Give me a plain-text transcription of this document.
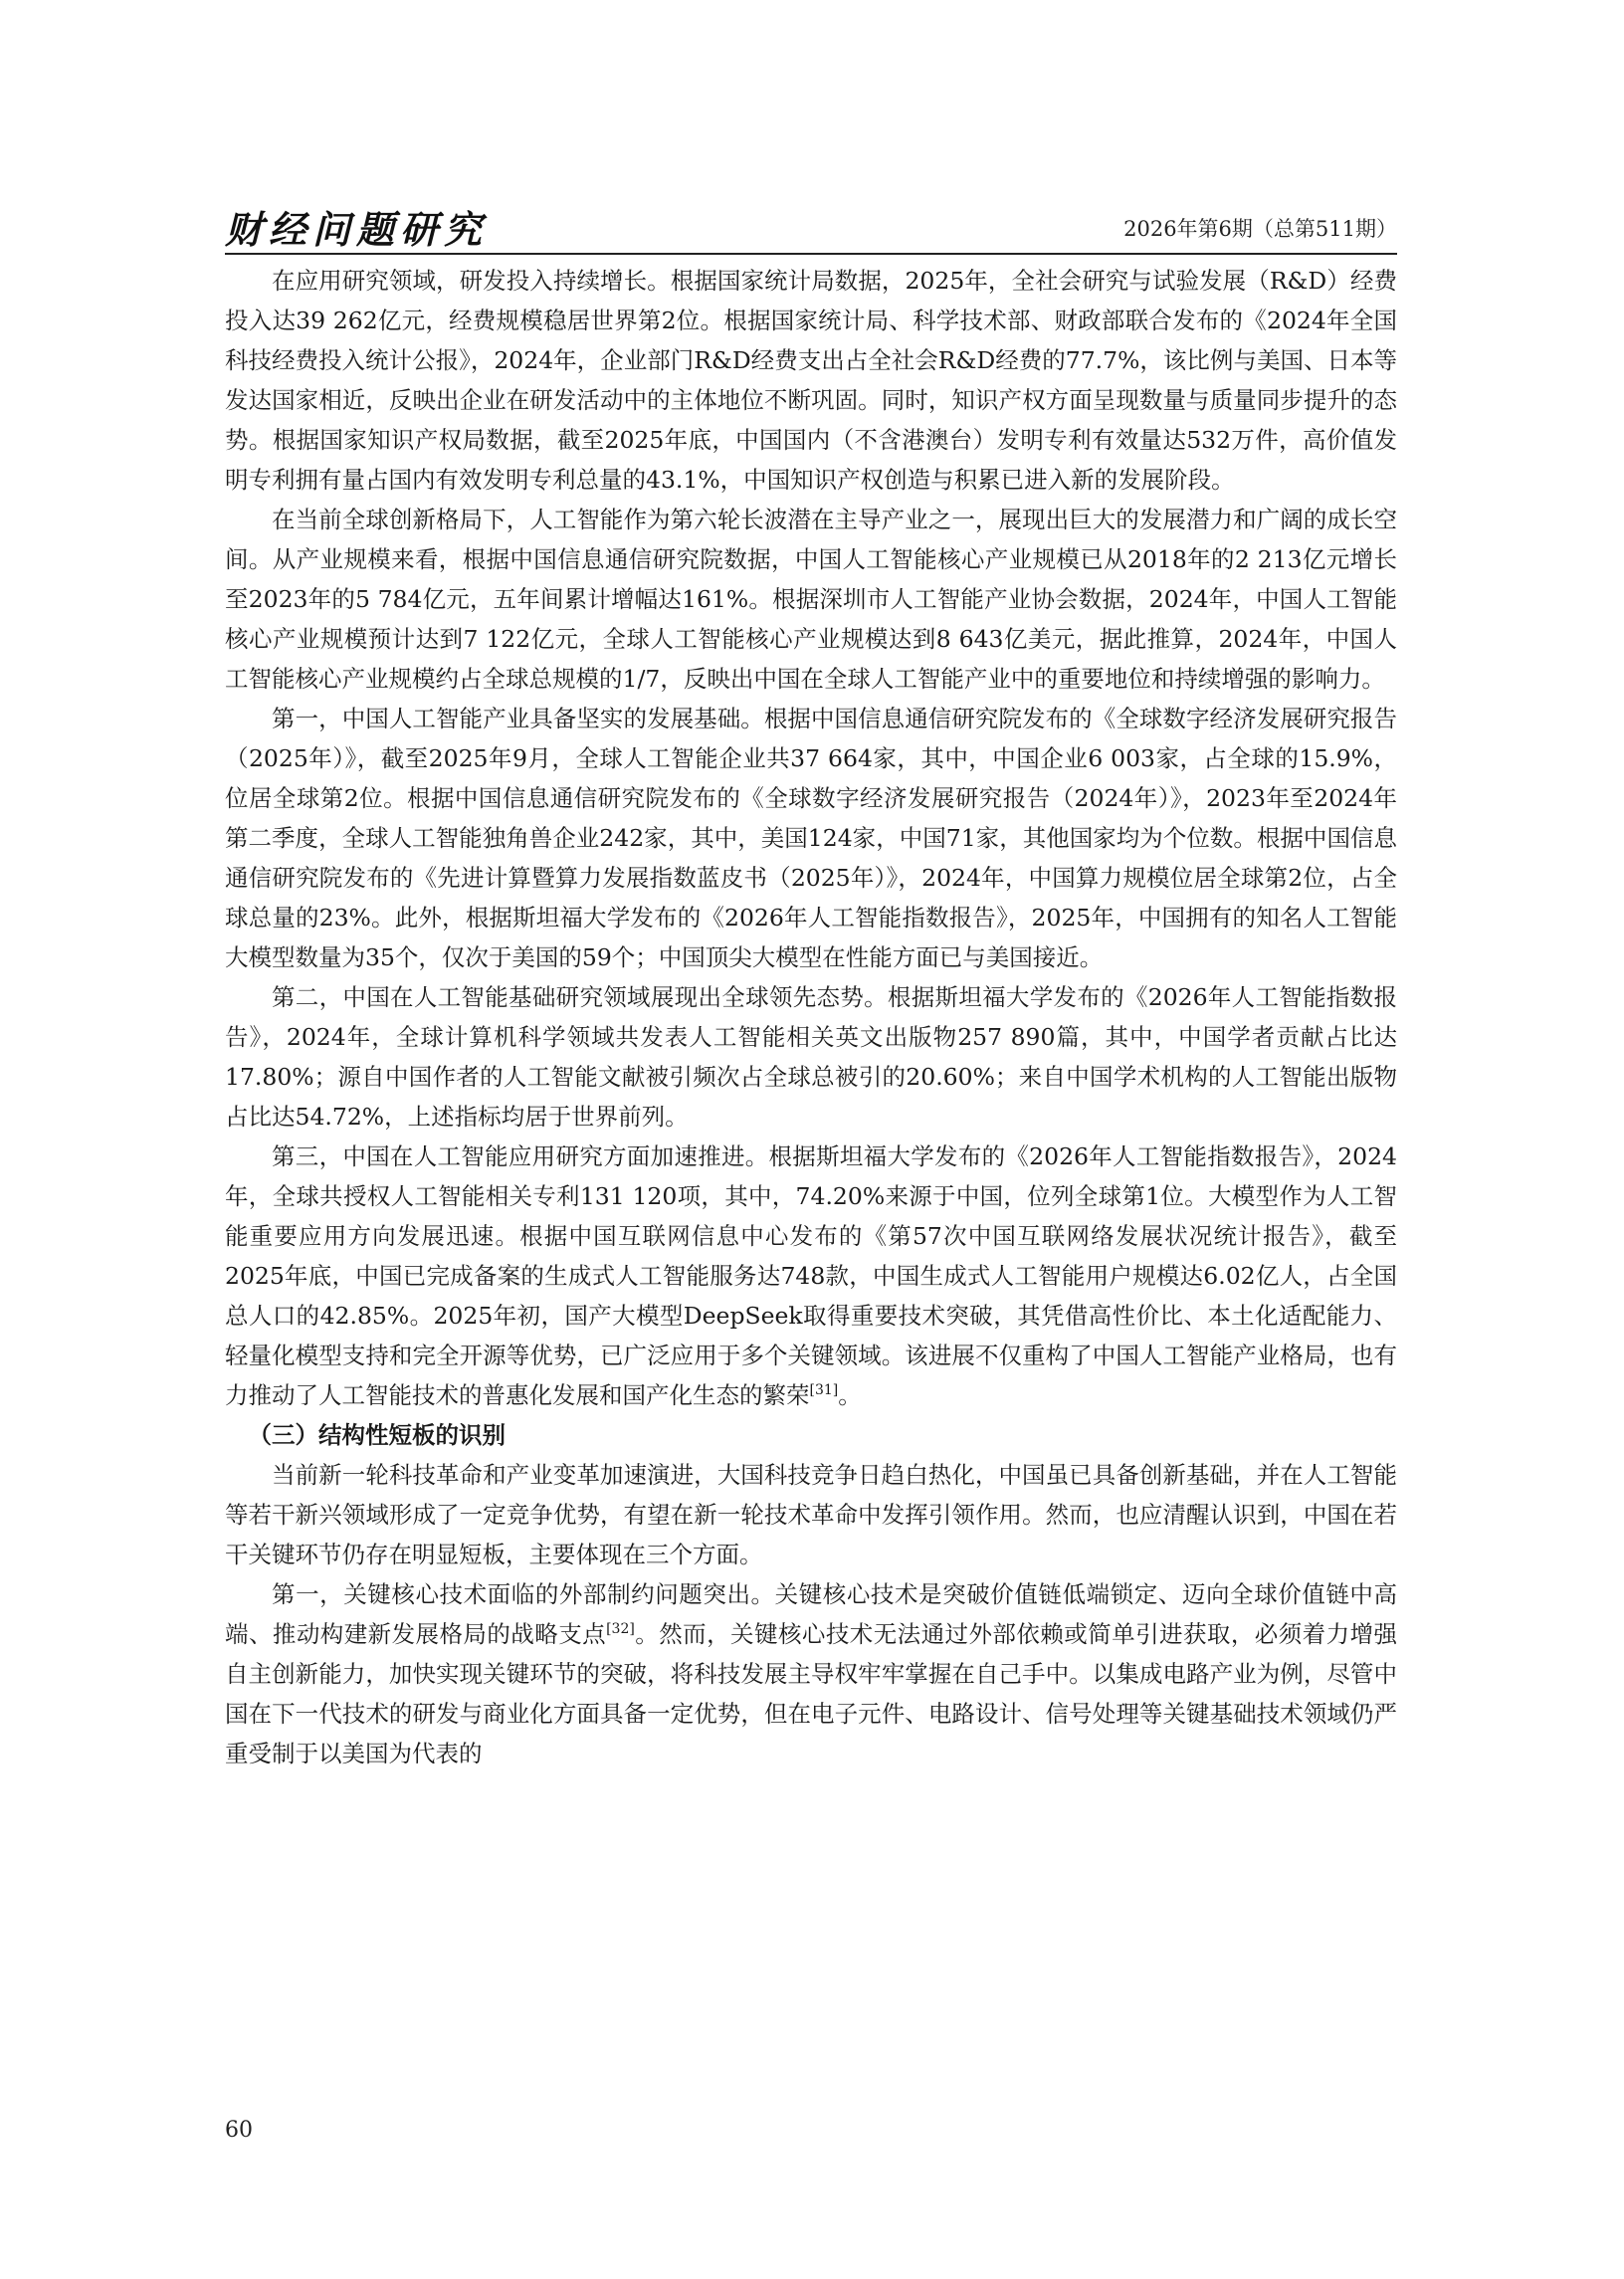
财经问题研究	2026年第6期（总第511期）

在应用研究领域，研发投入持续增长。根据国家统计局数据，2025年，全社会研究与试验发展（R&D）经费投入达39 262亿元，经费规模稳居世界第2位。根据国家统计局、科学技术部、财政部联合发布的《2024年全国科技经费投入统计公报》，2024年，企业部门R&D经费支出占全社会R&D经费的77.7%，该比例与美国、日本等发达国家相近，反映出企业在研发活动中的主体地位不断巩固。同时，知识产权方面呈现数量与质量同步提升的态势。根据国家知识产权局数据，截至2025年底，中国国内（不含港澳台）发明专利有效量达532万件，高价值发明专利拥有量占国内有效发明专利总量的43.1%，中国知识产权创造与积累已进入新的发展阶段。

在当前全球创新格局下，人工智能作为第六轮长波潜在主导产业之一，展现出巨大的发展潜力和广阔的成长空间。从产业规模来看，根据中国信息通信研究院数据，中国人工智能核心产业规模已从2018年的2 213亿元增长至2023年的5 784亿元，五年间累计增幅达161%。根据深圳市人工智能产业协会数据，2024年，中国人工智能核心产业规模预计达到7 122亿元，全球人工智能核心产业规模达到8 643亿美元，据此推算，2024年，中国人工智能核心产业规模约占全球总规模的1/7，反映出中国在全球人工智能产业中的重要地位和持续增强的影响力。

第一，中国人工智能产业具备坚实的发展基础。根据中国信息通信研究院发布的《全球数字经济发展研究报告（2025年）》，截至2025年9月，全球人工智能企业共37 664家，其中，中国企业6 003家，占全球的15.9%，位居全球第2位。根据中国信息通信研究院发布的《全球数字经济发展研究报告（2024年）》，2023年至2024年第二季度，全球人工智能独角兽企业242家，其中，美国124家，中国71家，其他国家均为个位数。根据中国信息通信研究院发布的《先进计算暨算力发展指数蓝皮书（2025年）》，2024年，中国算力规模位居全球第2位，占全球总量的23%。此外，根据斯坦福大学发布的《2026年人工智能指数报告》，2025年，中国拥有的知名人工智能大模型数量为35个，仅次于美国的59个；中国顶尖大模型在性能方面已与美国接近。

第二，中国在人工智能基础研究领域展现出全球领先态势。根据斯坦福大学发布的《2026年人工智能指数报告》，2024年，全球计算机科学领域共发表人工智能相关英文出版物257 890篇，其中，中国学者贡献占比达17.80%；源自中国作者的人工智能文献被引频次占全球总被引的20.60%；来自中国学术机构的人工智能出版物占比达54.72%，上述指标均居于世界前列。

第三，中国在人工智能应用研究方面加速推进。根据斯坦福大学发布的《2026年人工智能指数报告》，2024年，全球共授权人工智能相关专利131 120项，其中，74.20%来源于中国，位列全球第1位。大模型作为人工智能重要应用方向发展迅速。根据中国互联网信息中心发布的《第57次中国互联网络发展状况统计报告》，截至2025年底，中国已完成备案的生成式人工智能服务达748款，中国生成式人工智能用户规模达6.02亿人，占全国总人口的42.85%。2025年初，国产大模型DeepSeek取得重要技术突破，其凭借高性价比、本土化适配能力、轻量化模型支持和完全开源等优势，已广泛应用于多个关键领域。该进展不仅重构了中国人工智能产业格局，也有力推动了人工智能技术的普惠化发展和国产化生态的繁荣[31]。

（三）结构性短板的识别

当前新一轮科技革命和产业变革加速演进，大国科技竞争日趋白热化，中国虽已具备创新基础，并在人工智能等若干新兴领域形成了一定竞争优势，有望在新一轮技术革命中发挥引领作用。然而，也应清醒认识到，中国在若干关键环节仍存在明显短板，主要体现在三个方面。

第一，关键核心技术面临的外部制约问题突出。关键核心技术是突破价值链低端锁定、迈向全球价值链中高端、推动构建新发展格局的战略支点[32]。然而，关键核心技术无法通过外部依赖或简单引进获取，必须着力增强自主创新能力，加快实现关键环节的突破，将科技发展主导权牢牢掌握在自己手中。以集成电路产业为例，尽管中国在下一代技术的研发与商业化方面具备一定优势，但在电子元件、电路设计、信号处理等关键基础技术领域仍严重受制于以美国为代表的

60
